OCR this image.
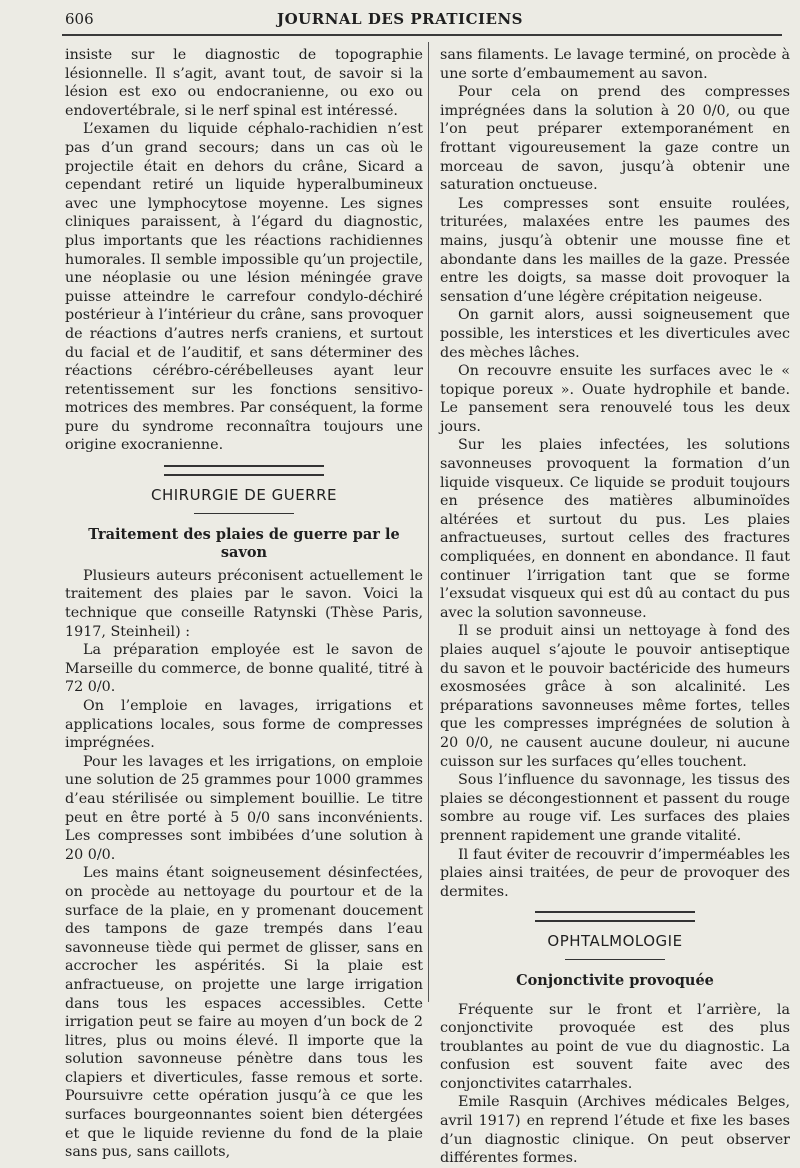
606	JOURNAL DES PRATICIENS

insiste sur le diagnostic de topographie lésionnelle. Il s’agit, avant tout, de savoir si la lésion est exo ou endocranienne, ou exo ou endovertébrale, si le nerf spinal est intéressé.

L’examen du liquide céphalo-rachidien n’est pas d’un grand secours; dans un cas où le projectile était en dehors du crâne, Sicard a cependant retiré un liquide hyperalbumineux avec une lymphocytose moyenne. Les signes cliniques paraissent, à l’égard du diagnostic, plus importants que les réactions rachidiennes humorales. Il semble impossible qu’un projectile, une néoplasie ou une lésion méningée grave puisse atteindre le carrefour condylo-déchiré postérieur à l’intérieur du crâne, sans provoquer de réactions d’autres nerfs craniens, et surtout du facial et de l’auditif, et sans déterminer des réactions cérébro-cérébelleuses ayant leur retentissement sur les fonctions sensitivo-motrices des membres. Par conséquent, la forme pure du syndrome reconnaîtra toujours une origine exocranienne.

CHIRURGIE DE GUERRE
Traitement des plaies de guerre par le savon

Plusieurs auteurs préconisent actuellement le traitement des plaies par le savon. Voici la technique que conseille Ratynski (Thèse Paris, 1917, Steinheil) :

La préparation employée est le savon de Marseille du commerce, de bonne qualité, titré à 72 0/0.

On l’emploie en lavages, irrigations et applications locales, sous forme de compresses imprégnées.

Pour les lavages et les irrigations, on emploie une solution de 25 grammes pour 1000 grammes d’eau stérilisée ou simplement bouillie. Le titre peut en être porté à 5 0/0 sans inconvénients. Les compresses sont imbibées d’une solution à 20 0/0.

Les mains étant soigneusement désinfectées, on procède au nettoyage du pourtour et de la surface de la plaie, en y promenant doucement des tampons de gaze trempés dans l’eau savonneuse tiède qui permet de glisser, sans en accrocher les aspérités. Si la plaie est anfractueuse, on projette une large irrigation dans tous les espaces accessibles. Cette irrigation peut se faire au moyen d’un bock de 2 litres, plus ou moins élevé. Il importe que la solution savonneuse pénètre dans tous les clapiers et diverticules, fasse remous et sorte. Poursuivre cette opération jusqu’à ce que les surfaces bourgeonnantes soient bien détergées et que le liquide revienne du fond de la plaie sans pus, sans caillots,

sans filaments. Le lavage terminé, on procède à une sorte d’embaumement au savon.

Pour cela on prend des compresses imprégnées dans la solution à 20 0/0, ou que l’on peut préparer extemporanément en frottant vigoureusement la gaze contre un morceau de savon, jusqu’à obtenir une saturation onctueuse.

Les compresses sont ensuite roulées, triturées, malaxées entre les paumes des mains, jusqu’à obtenir une mousse fine et abondante dans les mailles de la gaze. Pressée entre les doigts, sa masse doit provoquer la sensation d’une légère crépitation neigeuse.

On garnit alors, aussi soigneusement que possible, les interstices et les diverticules avec des mèches lâches.

On recouvre ensuite les surfaces avec le « topique poreux ». Ouate hydrophile et bande. Le pansement sera renouvelé tous les deux jours.

Sur les plaies infectées, les solutions savonneuses provoquent la formation d’un liquide visqueux. Ce liquide se produit toujours en présence des matières albuminoïdes altérées et surtout du pus. Les plaies anfractueuses, surtout celles des fractures compliquées, en donnent en abondance. Il faut continuer l’irrigation tant que se forme l’exsudat visqueux qui est dû au contact du pus avec la solution savonneuse.

Il se produit ainsi un nettoyage à fond des plaies auquel s’ajoute le pouvoir antiseptique du savon et le pouvoir bactéricide des humeurs exosmosées grâce à son alcalinité. Les préparations savonneuses même fortes, telles que les compresses imprégnées de solution à 20 0/0, ne causent aucune douleur, ni aucune cuisson sur les surfaces qu’elles touchent.

Sous l’influence du savonnage, les tissus des plaies se décongestionnent et passent du rouge sombre au rouge vif. Les surfaces des plaies prennent rapidement une grande vitalité.

Il faut éviter de recouvrir d’imperméables les plaies ainsi traitées, de peur de provoquer des dermites.

OPHTALMOLOGIE
Conjonctivite provoquée

Fréquente sur le front et l’arrière, la conjonctivite provoquée est des plus troublantes au point de vue du diagnostic. La confusion est souvent faite avec des conjonctivites catarrhales.

Emile Rasquin (Archives médicales Belges, avril 1917) en reprend l’étude et fixe les bases d’un diagnostic clinique. On peut observer différentes formes.
